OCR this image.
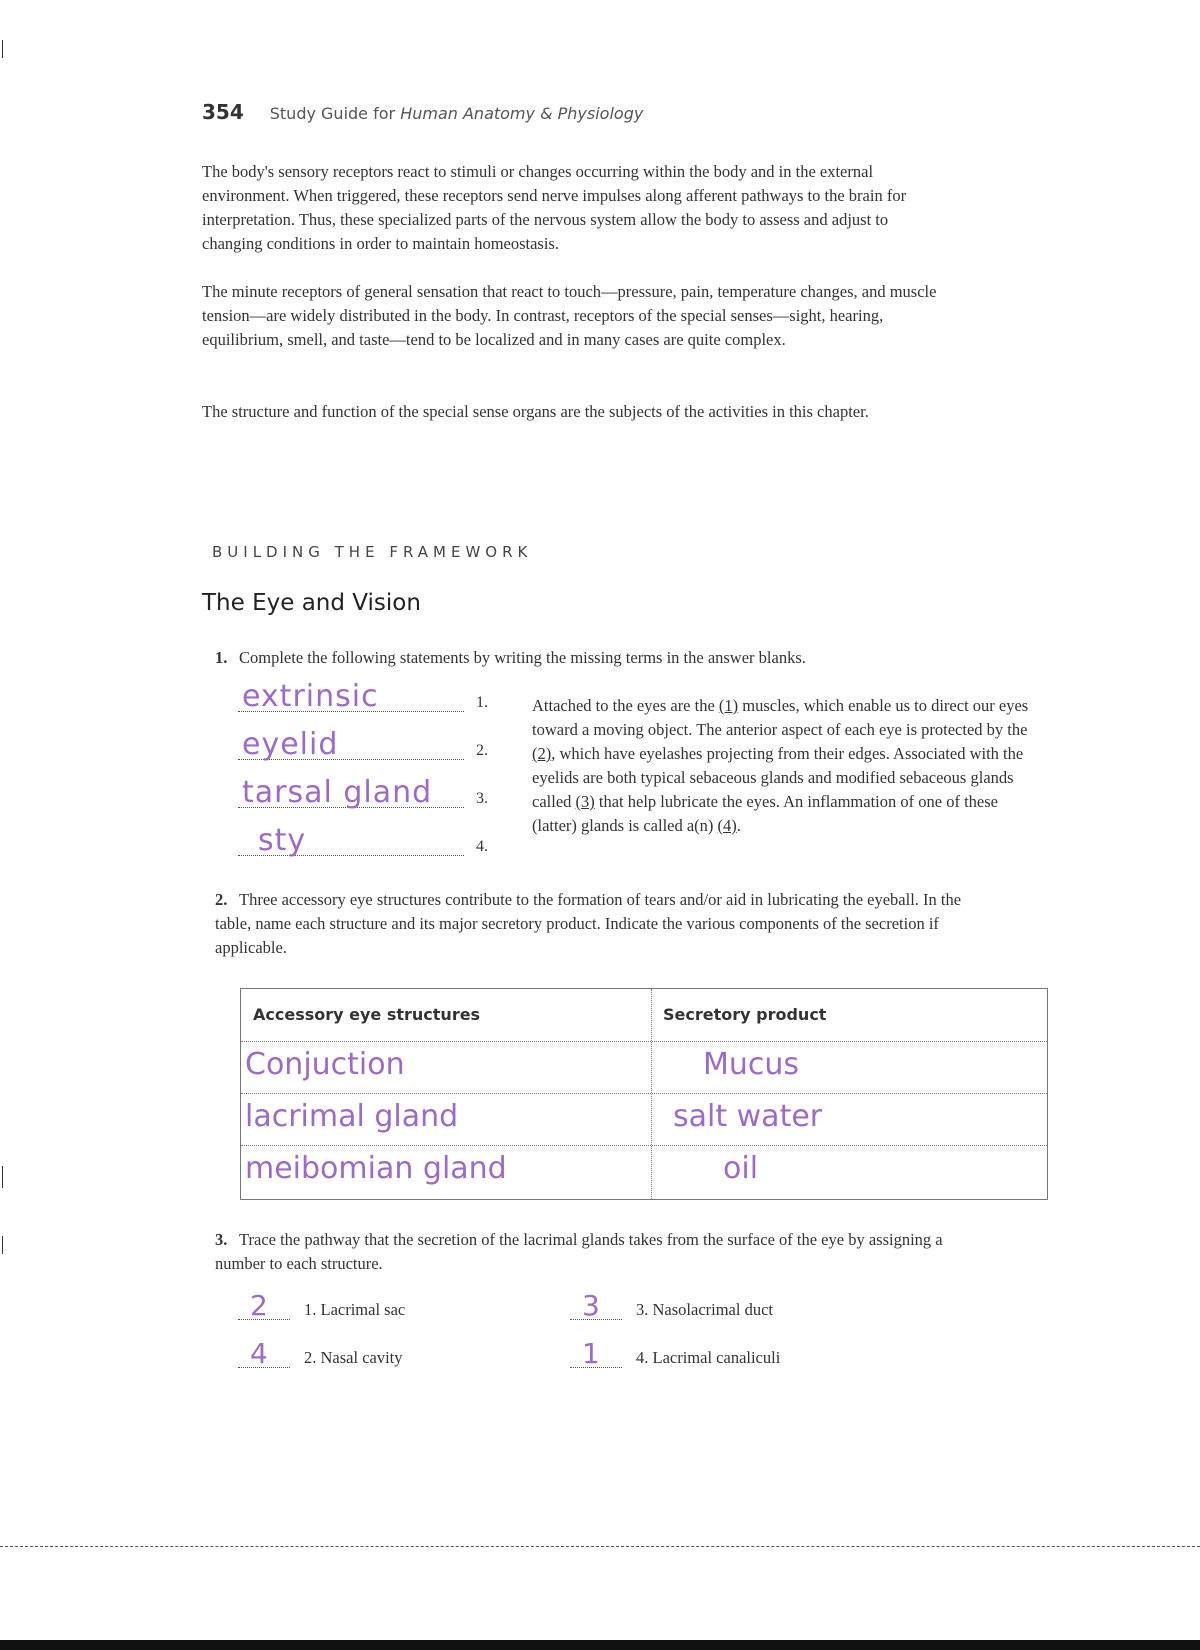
354 Study Guide for Human Anatomy & Physiology

The body's sensory receptors react to stimuli or changes occurring within the body and in the external environment. When triggered, these receptors send nerve impulses along afferent pathways to the brain for interpretation. Thus, these specialized parts of the nervous system allow the body to assess and adjust to changing conditions in order to maintain homeostasis.

The minute receptors of general sensation that react to touch—pressure, pain, temperature changes, and muscle tension—are widely distributed in the body. In contrast, receptors of the special senses—sight, hearing, equilibrium, smell, and taste—tend to be localized and in many cases are quite complex.

The structure and function of the special sense organs are the subjects of the activities in this chapter.

BUILDING THE FRAMEWORK
The Eye and Vision
1. Complete the following statements by writing the missing terms in the answer blanks.
extrinsic	1.
eyelid	2.
tarsal gland	3.
sty	4.

Attached to the eyes are the (1) muscles, which enable us to direct our eyes toward a moving object. The anterior aspect of each eye is protected by the (2), which have eyelashes projecting from their edges. Associated with the eyelids are both typical sebaceous glands and modified sebaceous glands called (3) that help lubricate the eyes. An inflammation of one of these (latter) glands is called a(n) (4).

2. Three accessory eye structures contribute to the formation of tears and/or aid in lubricating the eyeball. In the table, name each structure and its major secretory product. Indicate the various components of the secretion if applicable.
Accessory eye structures	Secretory product
Conjuction	Mucus
lacrimal gland	salt water
meibomian gland	oil
3. Trace the pathway that the secretion of the lacrimal glands takes from the surface of the eye by assigning a number to each structure.
2	1. Lacrimal sac
4	2. Nasal cavity
3	3. Nasolacrimal duct
1	4. Lacrimal canaliculi
